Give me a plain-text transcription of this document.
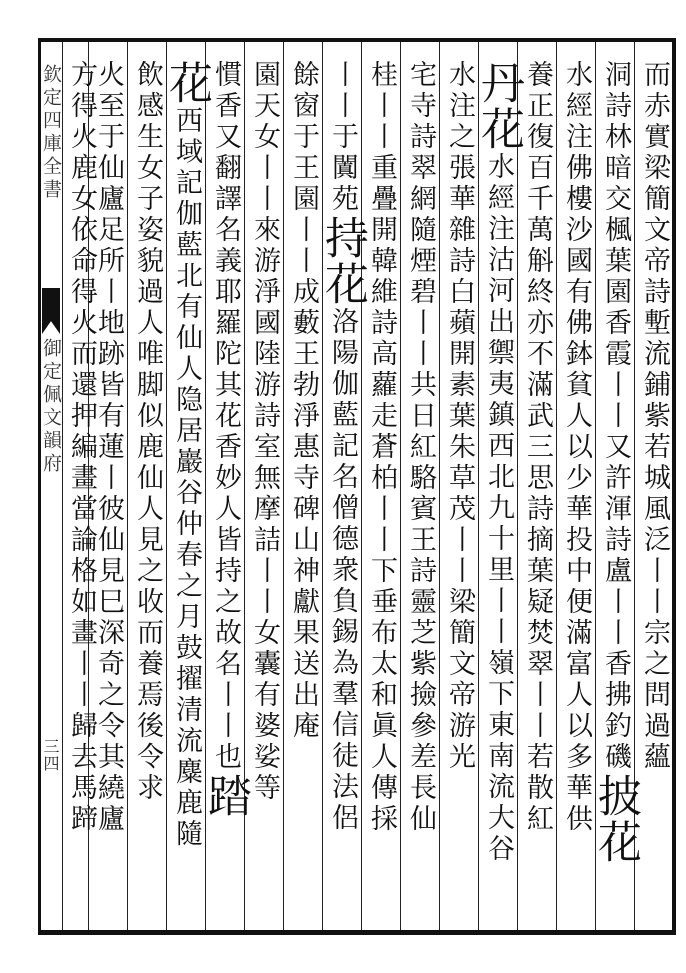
欽定四庫全書
御定佩文韻府
三四	而赤實梁簡文帝詩塹流鋪紫若城風泛丨丨宗之問過蘊
洞詩林暗交楓葉園香霞丨丨又許渾詩盧丨丨香拂釣磯披花
水經注佛樓沙國有佛鉢貧人以少華投中便滿富人以多華供
養正復百千萬斛終亦不滿武三思詩摘葉疑焚翠丨丨若散紅
丹花水經注沽河出禦夷鎮西北九十里丨丨嶺下東南流大谷
水注之張華雜詩白蘋開素葉朱草茂丨丨梁簡文帝游光
宅寺詩翠網隨煙碧丨丨共日紅駱賓王詩靈芝紫撿參差長仙
桂丨丨重疊開韓維詩高蘿走蒼柏丨丨下垂布太和眞人傳採
丨丨于闐苑持花洛陽伽藍記名僧德衆負錫為羣信徒法侶
餘窗于王園丨丨成藪王勃淨惠寺碑山神獻果送出庵
園天女丨丨來游淨國陸游詩室無摩詰丨丨女囊有婆娑等
慣香又翻譯名義耶羅陀其花香妙人皆持之故名丨丨也踏
花西域記伽藍北有仙人隐居巖谷仲春之月鼓擢清流麋鹿隨
飲感生女子姿貌過人唯脚似鹿仙人見之收而養焉後令求
火至于仙廬足所丨地跡皆有蓮丨彼仙見巳深奇之令其繞廬
方得火鹿女依命得火而還押編畫當論格如畫丨丨歸去馬蹄
